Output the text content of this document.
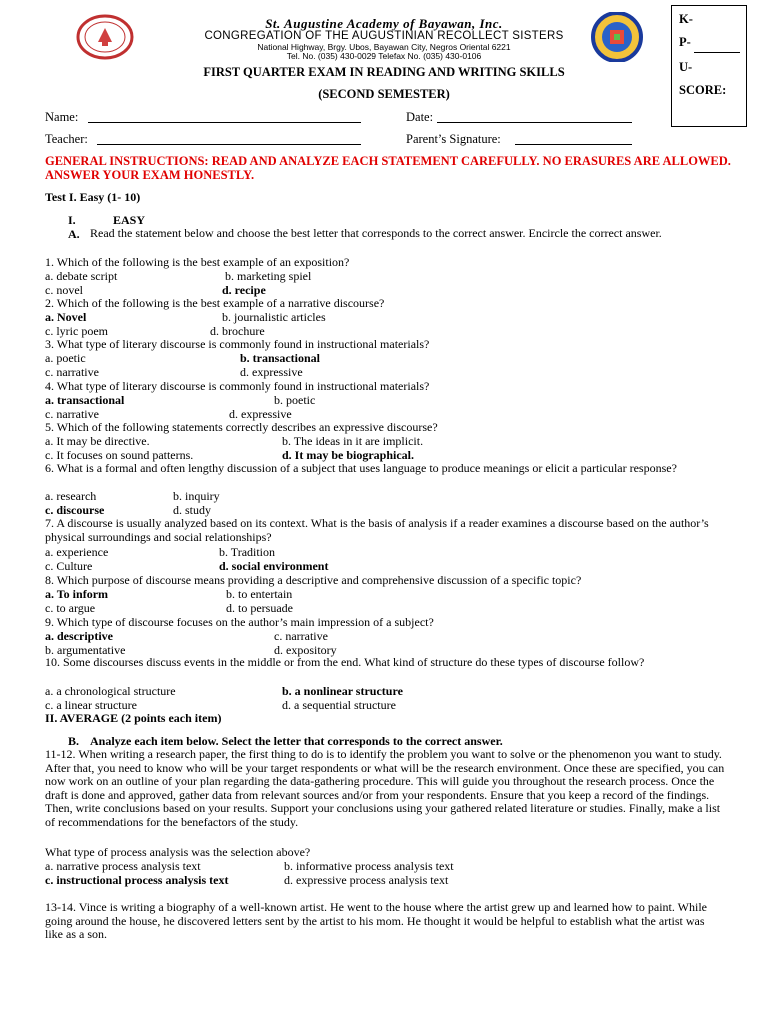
St. Augustine Academy of Bayawan, Inc.
CONGREGATION OF THE AUGUSTINIAN RECOLLECT SISTERS
National Highway, Brgy. Ubos, Bayawan City, Negros Oriental 6221
Tel. No. (035) 430-0029 Telefax No. (035) 430-0106
K-
P-
U-
SCORE:
FIRST QUARTER EXAM IN READING AND WRITING SKILLS
(SECOND SEMESTER)
Name:	Date:
Teacher:	Parent’s Signature:
GENERAL INSTRUCTIONS: READ AND ANALYZE EACH STATEMENT CAREFULLY. NO ERASURES ARE ALLOWED. ANSWER YOUR EXAM HONESTLY.
Test I. Easy (1- 10)
I.	EASY
A. Read the statement below and choose the best letter that corresponds to the correct answer. Encircle the correct answer.
1. Which of the following is the best example of an exposition?
a. debate script	b. marketing spiel
c. novel	d. recipe
2. Which of the following is the best example of a narrative discourse?
a. Novel	b. journalistic articles
c. lyric poem	d. brochure
3. What type of literary discourse is commonly found in instructional materials?
a. poetic	b. transactional
c. narrative	d. expressive
4. What type of literary discourse is commonly found in instructional materials?
a. transactional	b. poetic
c. narrative	d. expressive
5. Which of the following statements correctly describes an expressive discourse?
a. It may be directive.	b. The ideas in it are implicit.
c. It focuses on sound patterns.	d. It may be biographical.
6. What is a formal and often lengthy discussion of a subject that uses language to produce meanings or elicit a particular response?
a. research	b. inquiry
c. discourse	d. study
7. A discourse is usually analyzed based on its context. What is the basis of analysis if a reader examines a discourse based on the author’s physical surroundings and social relationships?
a. experience	b. Tradition
c. Culture	d. social environment
8. Which purpose of discourse means providing a descriptive and comprehensive discussion of a specific topic?
a. To inform	b. to entertain
c. to argue	d. to persuade
9. Which type of discourse focuses on the author’s main impression of a subject?
a. descriptive	c. narrative
b. argumentative	d. expository
10. Some discourses discuss events in the middle or from the end. What kind of structure do these types of discourse follow?
a. a chronological structure	b. a nonlinear structure
c. a linear structure	d. a sequential structure
II. AVERAGE (2 points each item)
B. Analyze each item below. Select the letter that corresponds to the correct answer.
11-12. When writing a research paper, the first thing to do is to identify the problem you want to solve or the phenomenon you want to study. After that, you need to know who will be your target respondents or what will be the research environment. Once these are specified, you can now work on an outline of your plan regarding the data-gathering procedure. This will guide you throughout the research process. Once the draft is done and approved, gather data from relevant sources and/or from your respondents. Ensure that you keep a record of the findings. Then, write conclusions based on your results. Support your conclusions using your gathered related literature or studies. Finally, make a list of recommendations for the benefactors of the study.
What type of process analysis was the selection above?
a. narrative process analysis text	b. informative process analysis text
c. instructional process analysis text	d. expressive process analysis text
13-14. Vince is writing a biography of a well-known artist. He went to the house where the artist grew up and learned how to paint. While going around the house, he discovered letters sent by the artist to his mom. He thought it would be helpful to establish what the artist was like as a son.
